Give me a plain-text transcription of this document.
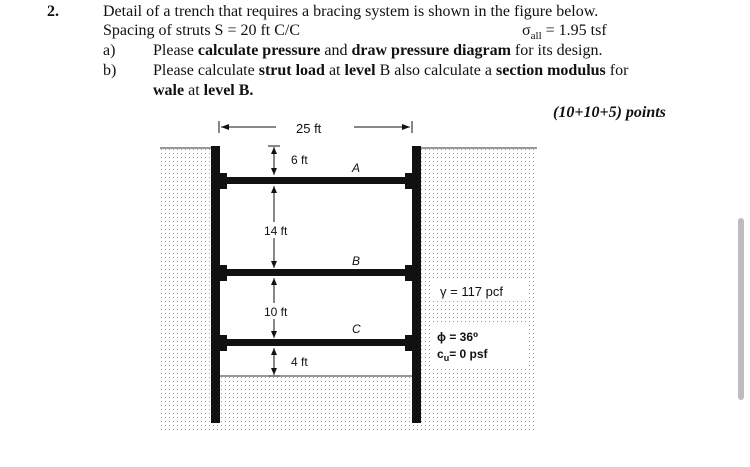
2.	Detail of a trench that requires a bracing system is shown in the figure below.
Spacing of struts S = 20 ft C/C	$\sigma_{all} = 1.95$ tsf
a) Please calculate pressure and draw pressure diagram for its design.
b) Please calculate strut load at level B also calculate a section modulus for
wale at level B.
(10+10+5) points
25 ft
6 ft
14 ft
10 ft
4 ft
A
B
C
γ = 117 pcf
ϕ = 36⁰
$c_u= 0$ psf
